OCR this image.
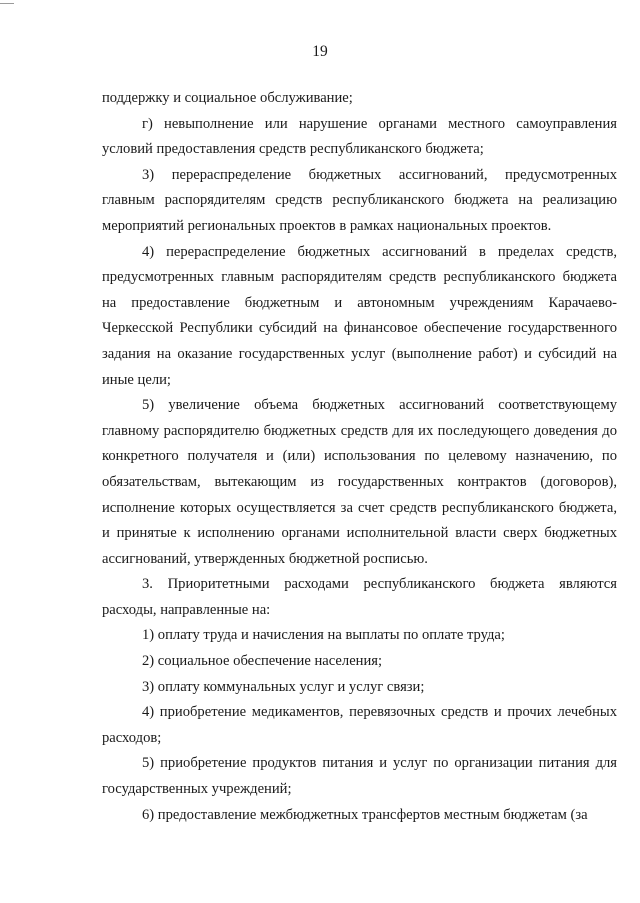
19

поддержку и социальное обслуживание;

г) невыполнение или нарушение органами местного самоуправления условий предоставления средств республиканского бюджета;

3) перераспределение бюджетных ассигнований, предусмотренных главным распорядителям средств республиканского бюджета на реализацию мероприятий региональных проектов в рамках национальных проектов.

4) перераспределение бюджетных ассигнований в пределах средств, предусмотренных главным распорядителям средств республиканского бюджета на предоставление бюджетным и автономным учреждениям Карачаево-Черкесской Республики субсидий на финансовое обеспечение государственного задания на оказание государственных услуг (выполнение работ) и субсидий на иные цели;

5) увеличение объема бюджетных ассигнований соответствующему главному распорядителю бюджетных средств для их последующего доведения до конкретного получателя и (или) использования по целевому назначению, по обязательствам, вытекающим из государственных контрактов (договоров), исполнение которых осуществляется за счет средств республиканского бюджета, и принятые к исполнению органами исполнительной власти сверх бюджетных ассигнований, утвержденных бюджетной росписью.

3. Приоритетными расходами республиканского бюджета являются расходы, направленные на:

1) оплату труда и начисления на выплаты по оплате труда;

2) социальное обеспечение населения;

3) оплату коммунальных услуг и услуг связи;

4) приобретение медикаментов, перевязочных средств и прочих лечебных расходов;

5) приобретение продуктов питания и услуг по организации питания для государственных учреждений;

6) предоставление межбюджетных трансфертов местным бюджетам (за
